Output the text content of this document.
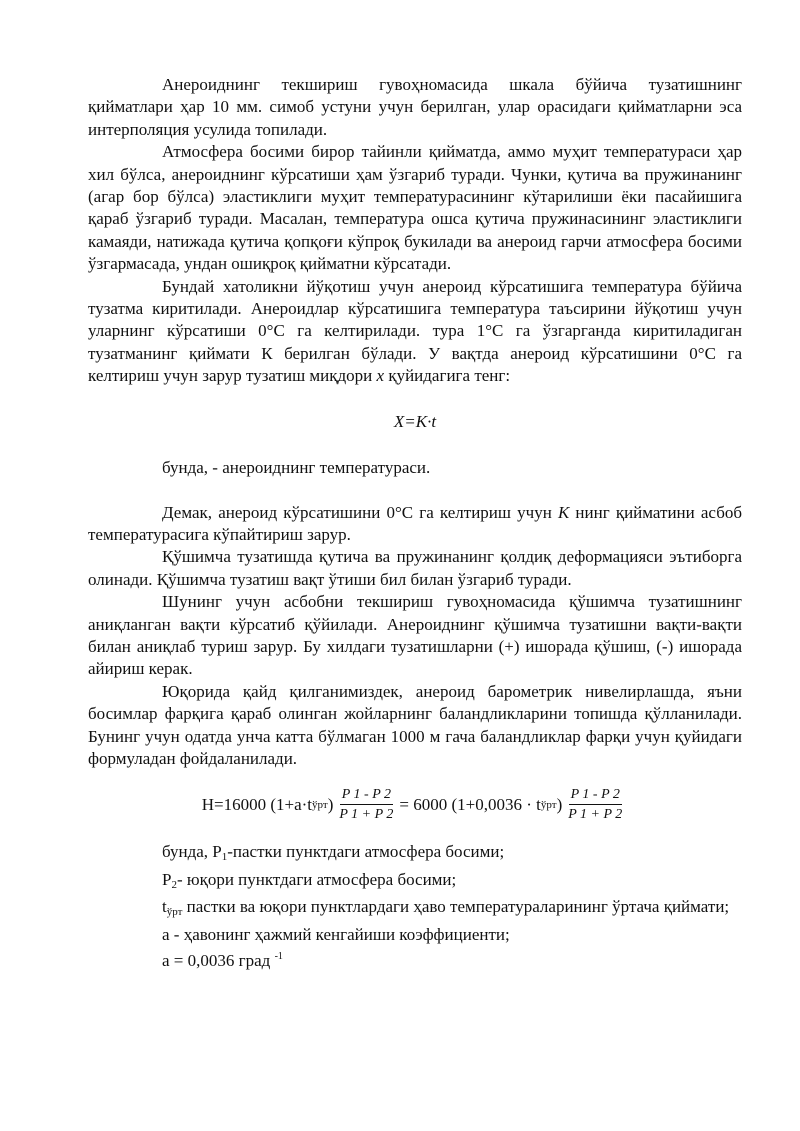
Анероиднинг текшириш гувоҳномасида шкала бўйича тузатишнинг қийматлари ҳар 10 мм. симоб устуни учун берилган, улар орасидаги қийматларни эса интерполяция усулида топилади.

Атмосфера босими бирор тайинли қийматда, аммо муҳит температураси ҳар хил бўлса, анероиднинг кўрсатиши ҳам ўзгариб туради. Чунки, қутича ва пружинанинг (агар бор бўлса) эластиклиги муҳит температурасининг кўтарилиши ёки пасайишига қараб ўзгариб туради. Масалан, температура ошса қутича пружинасининг эластиклиги камаяди, натижада қутича қопқоғи кўпроқ букилади ва анероид гарчи атмосфера босими ўзгармасада, ундан ошиқроқ қийматни кўрсатади.

Бундай хатоликни йўқотиш учун анероид кўрсатишига температура бўйича тузатма киритилади. Анероидлар кўрсатишига температура таъсирини йўқотиш учун уларнинг кўрсатиши 0°С га келтирилади. тура 1°С га ўзгарганда киритиладиган тузатманинг қиймати К берилган бўлади. У вақтда анероид кўрсатишини 0°С га келтириш учун зарур тузатиш миқдори x қуйидагига тенг:

X=K·t

бунда, - анероиднинг температураси.

Демак, анероид кўрсатишини 0°С га келтириш учун К нинг қийматини асбоб температурасига кўпайтириш зарур.

Қўшимча тузатишда қутича ва пружинанинг қолдиқ деформацияси эътиборга олинади. Қўшимча тузатиш вақт ўтиши бил билан ўзгариб туради.

Шунинг учун асбобни текшириш гувоҳномасида қўшимча тузатишнинг аниқланган вақти кўрсатиб қўйилади. Анероиднинг қўшимча тузатишни вақти-вақти билан аниқлаб туриш зарур. Бу хилдаги тузатишларни (+) ишорада қўшиш, (-) ишорада айириш керак.

Юқорида қайд қилганимиздек, анероид барометрик нивелирлашда, яъни босимлар фарқига қараб олинган жойларнинг баландликларини топишда қўлланилади. Бунинг учун одатда унча катта бўлмаган 1000 м гача баландликлар фарқи учун қуйидаги формуладан фойдаланилади.

H=16000 (1+a·t ўрт ) $\frac{P 1 - P 2}{P 1 + P 2} = 6000$ (1+0,0036 · t ўрт ) $\frac{P 1 - P 2}{P 1 + P 2}$

бунда, $Р_1$-пастки пунктдаги атмосфера босими;

$Р_2-$ юқори пунктдаги атмосфера босими;

$t_{ўрт}$ пастки ва юқори пунктлардаги ҳаво температураларининг ўртача қиймати;

а - ҳавонинг ҳажмий кенгайиши коэффициенти;

а = 0,0036 град $^{-1}$
